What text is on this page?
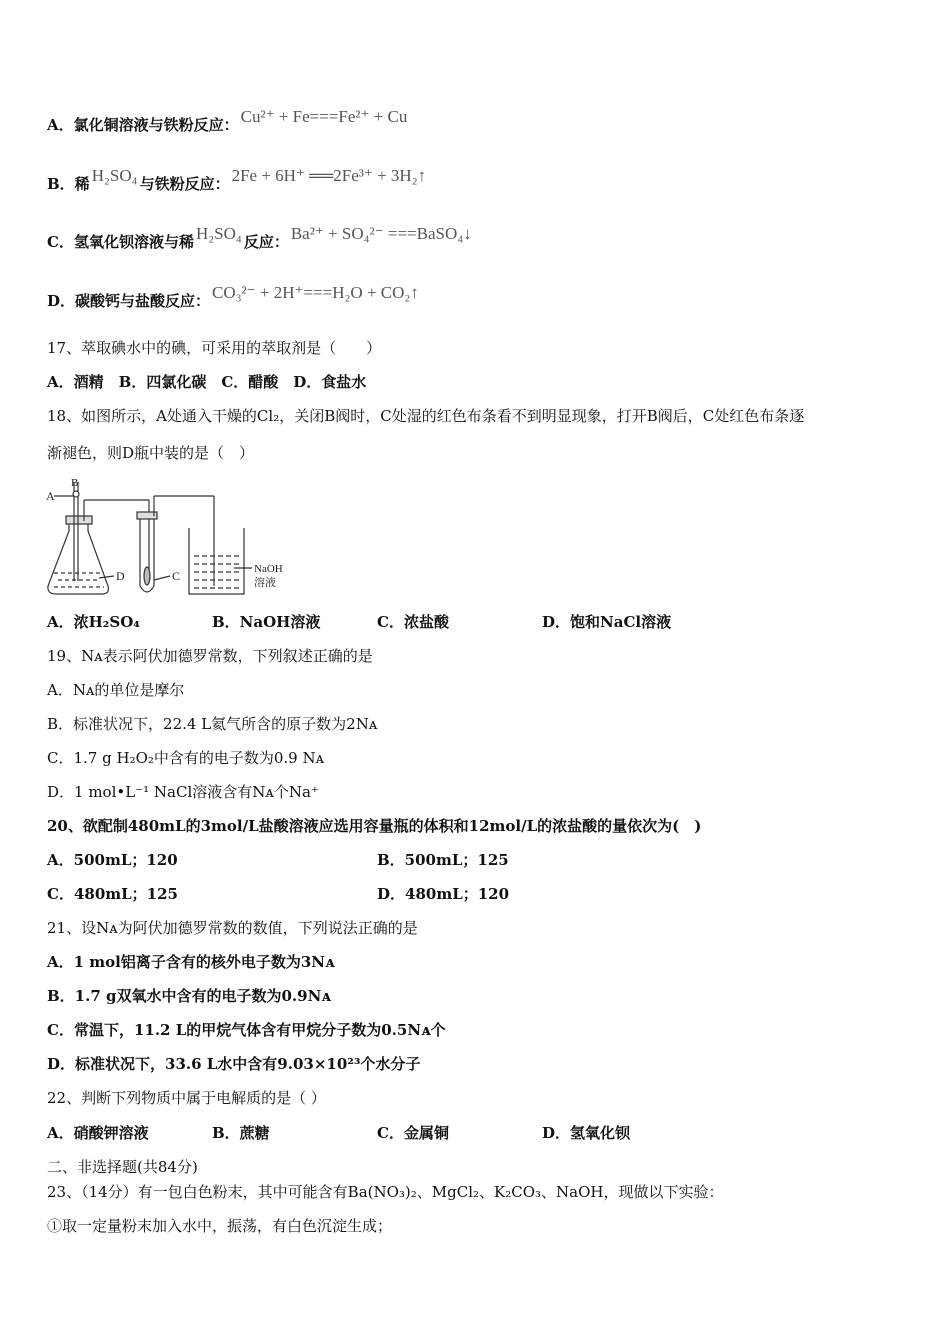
A．氯化铜溶液与铁粉反应： Cu²⁺ + Fe===Fe²⁺ + Cu
B．稀 H₂SO₄ 与铁粉反应： 2Fe + 6H⁺ ══2Fe³⁺ + 3H₂↑
C．氢氧化钡溶液与稀 H₂SO₄ 反应： Ba²⁺ + SO₄²⁻ ===BaSO₄↓
D．碳酸钙与盐酸反应： CO₃²⁻ + 2H⁺===H₂O + CO₂↑
17、萃取碘水中的碘，可采用的萃取剂是（　　）
A．酒精　B．四氯化碳　C．醋酸　D．食盐水
18、如图所示，A处通入干燥的Cl₂，关闭B阀时，C处湿的红色布条看不到明显现象，打开B阀后，C处红色布条逐
渐褪色，则D瓶中装的是（　）
A
B
C
D	NaOH
溶液
A．浓H₂SO₄	B．NaOH溶液	C．浓盐酸	D．饱和NaCl溶液
19、Nᴀ表示阿伏加德罗常数，下列叙述正确的是
A．Nᴀ的单位是摩尔
B．标准状况下，22.4 L氦气所含的原子数为2Nᴀ
C．1.7 g H₂O₂中含有的电子数为0.9 Nᴀ
D．1 mol•L⁻¹ NaCl溶液含有Nᴀ个Na⁺
20、欲配制480mL的3mol/L盐酸溶液应选用容量瓶的体积和12mol/L的浓盐酸的量依次为(　)
A．500mL；120	B．500mL；125
C．480mL；125	D．480mL；120
21、设Nᴀ为阿伏加德罗常数的数值，下列说法正确的是
A．1 mol铝离子含有的核外电子数为3Nᴀ
B．1.7 g双氧水中含有的电子数为0.9Nᴀ
C．常温下，11.2 L的甲烷气体含有甲烷分子数为0.5Nᴀ个
D．标准状况下，33.6 L水中含有9.03×10²³个水分子
22、判断下列物质中属于电解质的是（ ）
A．硝酸钾溶液	B．蔗糖	C．金属铜	D．氢氧化钡
二、非选择题(共84分)
23、（14分）有一包白色粉末，其中可能含有Ba(NO₃)₂、MgCl₂、K₂CO₃、NaOH，现做以下实验：
①取一定量粉末加入水中，振荡，有白色沉淀生成；
